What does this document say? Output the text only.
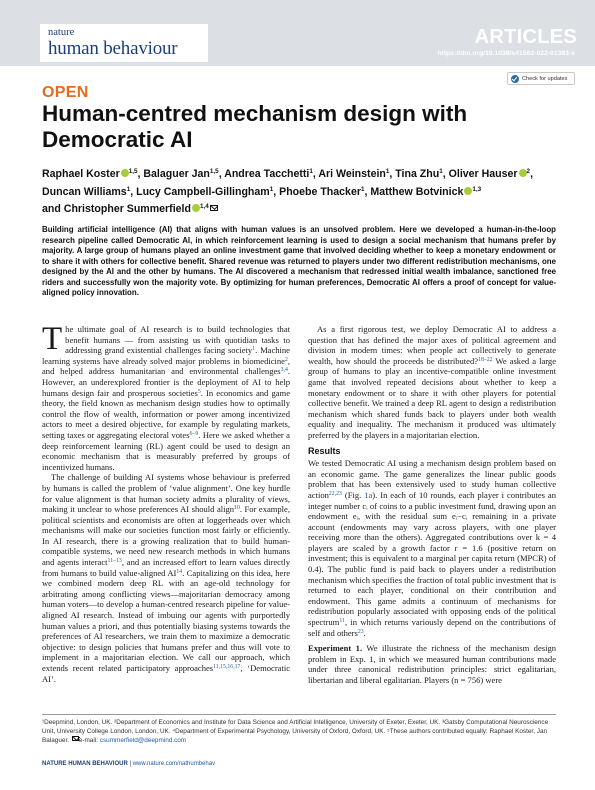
nature
human behaviour
ARTICLES
https://doi.org/10.1038/s41562-022-01383-x
Check for updates
OPEN
Human-centred mechanism design with Democratic AI
Raphael Koster $^{1,5}$, Balaguer Jan$^{1,5}$, Andrea Tacchetti$^1$, Ari Weinstein$^1$, Tina Zhu$^1$, Oliver Hauser $^2$,
Duncan Williams$^1$, Lucy Campbell-Gillingham$^1$, Phoebe Thacker$^1$, Matthew Botvinick $^{1,3}$
and Christopher Summerfield $^{1,4}$
Building artificial intelligence (AI) that aligns with human values is an unsolved problem. Here we developed a human-in-the-loop research pipeline called Democratic AI, in which reinforcement learning is used to design a social mechanism that humans prefer by majority. A large group of humans played an online investment game that involved deciding whether to keep a monetary endowment or to share it with others for collective benefit. Shared revenue was returned to players under two different redistribution mechanisms, one designed by the AI and the other by humans. The AI discovered a mechanism that redressed initial wealth imbalance, sanctioned free riders and successfully won the majority vote. By optimizing for human preferences, Democratic AI offers a proof of concept for value-aligned policy innovation.

The ultimate goal of AI research is to build technologies that benefit humans — from assisting us with quotidian tasks to addressing grand existential challenges facing society$^1$. Machine learning systems have already solved major problems in biomedicine$^2$, and helped address humanitarian and environmental challenges$^{3,4}$. However, an underexplored frontier is the deployment of AI to help humans design fair and prosperous societies$^5$. In economics and game theory, the field known as mechanism design studies how to optimally control the flow of wealth, information or power among incentivized actors to meet a desired objective, for example by regulating markets, setting taxes or aggregating electoral votes$^{6-9}$. Here we asked whether a deep reinforcement learning (RL) agent could be used to design an economic mechanism that is measurably preferred by groups of incentivized humans.

The challenge of building AI systems whose behaviour is preferred by humans is called the problem of ‘value alignment’. One key hurdle for value alignment is that human society admits a plurality of views, making it unclear to whose preferences AI should align$^{10}$. For example, political scientists and economists are often at loggerheads over which mechanisms will make our societies function most fairly or efficiently. In AI research, there is a growing realization that to build human-compatible systems, we need new research methods in which humans and agents interact$^{11-13}$, and an increased effort to learn values directly from humans to build value-aligned AI$^{14}$. Capitalizing on this idea, here we combined modern deep RL with an age-old technology for arbitrating among conflicting views—majoritarian democracy among human voters—to develop a human-centred research pipeline for value-aligned AI research. Instead of imbuing our agents with purportedly human values a priori, and thus potentially biasing systems towards the preferences of AI researchers, we train them to maximize a democratic objective: to design policies that humans prefer and thus will vote to implement in a majoritarian election. We call our approach, which extends recent related participatory approaches$^{11,15,16,17}$, ‘Democratic AI’.

As a first rigorous test, we deploy Democratic AI to address a question that has defined the major axes of political agreement and division in modern times: when people act collectively to generate wealth, how should the proceeds be distributed?$^{18-22}$ We asked a large group of humans to play an incentive-compatible online investment game that involved repeated decisions about whether to keep a monetary endowment or to share it with other players for potential collective benefit. We trained a deep RL agent to design a redistribution mechanism which shared funds back to players under both wealth equality and inequality. The mechanism it produced was ultimately preferred by the players in a majoritarian election.

Results

We tested Democratic AI using a mechanism design problem based on an economic game. The game generalizes the linear public goods problem that has been extensively used to study human collective action$^{22,23}$ (Fig. 1a). In each of 10 rounds, each player i contributes an integer number cᵢ of coins to a public investment fund, drawing upon an endowment eᵢ, with the residual sum eᵢ−cᵢ remaining in a private account (endowments may vary across players, with one player receiving more than the others). Aggregated contributions over k = 4 players are scaled by a growth factor r = 1.6 (positive return on investment; this is equivalent to a marginal per capita return (MPCR) of 0.4). The public fund is paid back to players under a redistribution mechanism which specifies the fraction of total public investment that is returned to each player, conditional on their contribution and endowment. This game admits a continuum of mechanisms for redistribution popularly associated with opposing ends of the political spectrum$^{11}$, in which returns variously depend on the contributions of self and others$^{23}$.

Experiment 1. We illustrate the richness of the mechanism design problem in Exp. 1, in which we measured human contributions made under three canonical redistribution principles: strict egalitarian, libertarian and liberal egalitarian. Players (n = 756) were

¹Deepmind, London, UK. ²Department of Economics and Institute for Data Science and Artificial Intelligence, University of Exeter, Exeter, UK. ³Gatsby Computational Neuroscience Unit, University College London, London, UK. ⁴Department of Experimental Psychology, University of Oxford, Oxford, UK. ⁵These authors contributed equally: Raphael Koster, Jan Balaguer. e-mail: csummerfield@deepmind.com
NATURE HUMAN BEHAVIOUR | www.nature.com/nathumbehav
